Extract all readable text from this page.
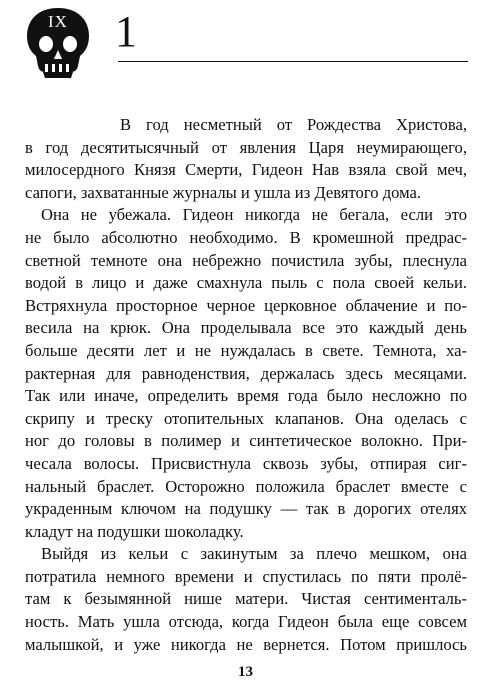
IX	1
В год несметный от Рождества Христова,
в год десятитысячный от явления Царя неумирающего,
милосердного Князя Смерти, Гидеон Нав взяла свой меч,
сапоги, захватанные журналы и ушла из Девятого дома.
Она не убежала. Гидеон никогда не бегала, если это
не было абсолютно необходимо. В кромешной предрас-
светной темноте она небрежно почистила зубы, плеснула
водой в лицо и даже смахнула пыль с пола своей кельи.
Встряхнула просторное черное церковное облачение и по-
весила на крюк. Она проделывала все это каждый день
больше десяти лет и не нуждалась в свете. Темнота, ха-
рактерная для равноденствия, держалась здесь месяцами.
Так или иначе, определить время года было несложно по
скрипу и треску отопительных клапанов. Она оделась с
ног до головы в полимер и синтетическое волокно. При-
чесала волосы. Присвистнула сквозь зубы, отпирая сиг-
нальный браслет. Осторожно положила браслет вместе с
украденным ключом на подушку — так в дорогих отелях
кладут на подушки шоколадку.
Выйдя из кельи с закинутым за плечо мешком, она
потратила немного времени и спустилась по пяти пролё-
там к безымянной нише матери. Чистая сентименталь-
ность. Мать ушла отсюда, когда Гидеон была еще совсем
малышкой, и уже никогда не вернется. Потом пришлось
13
